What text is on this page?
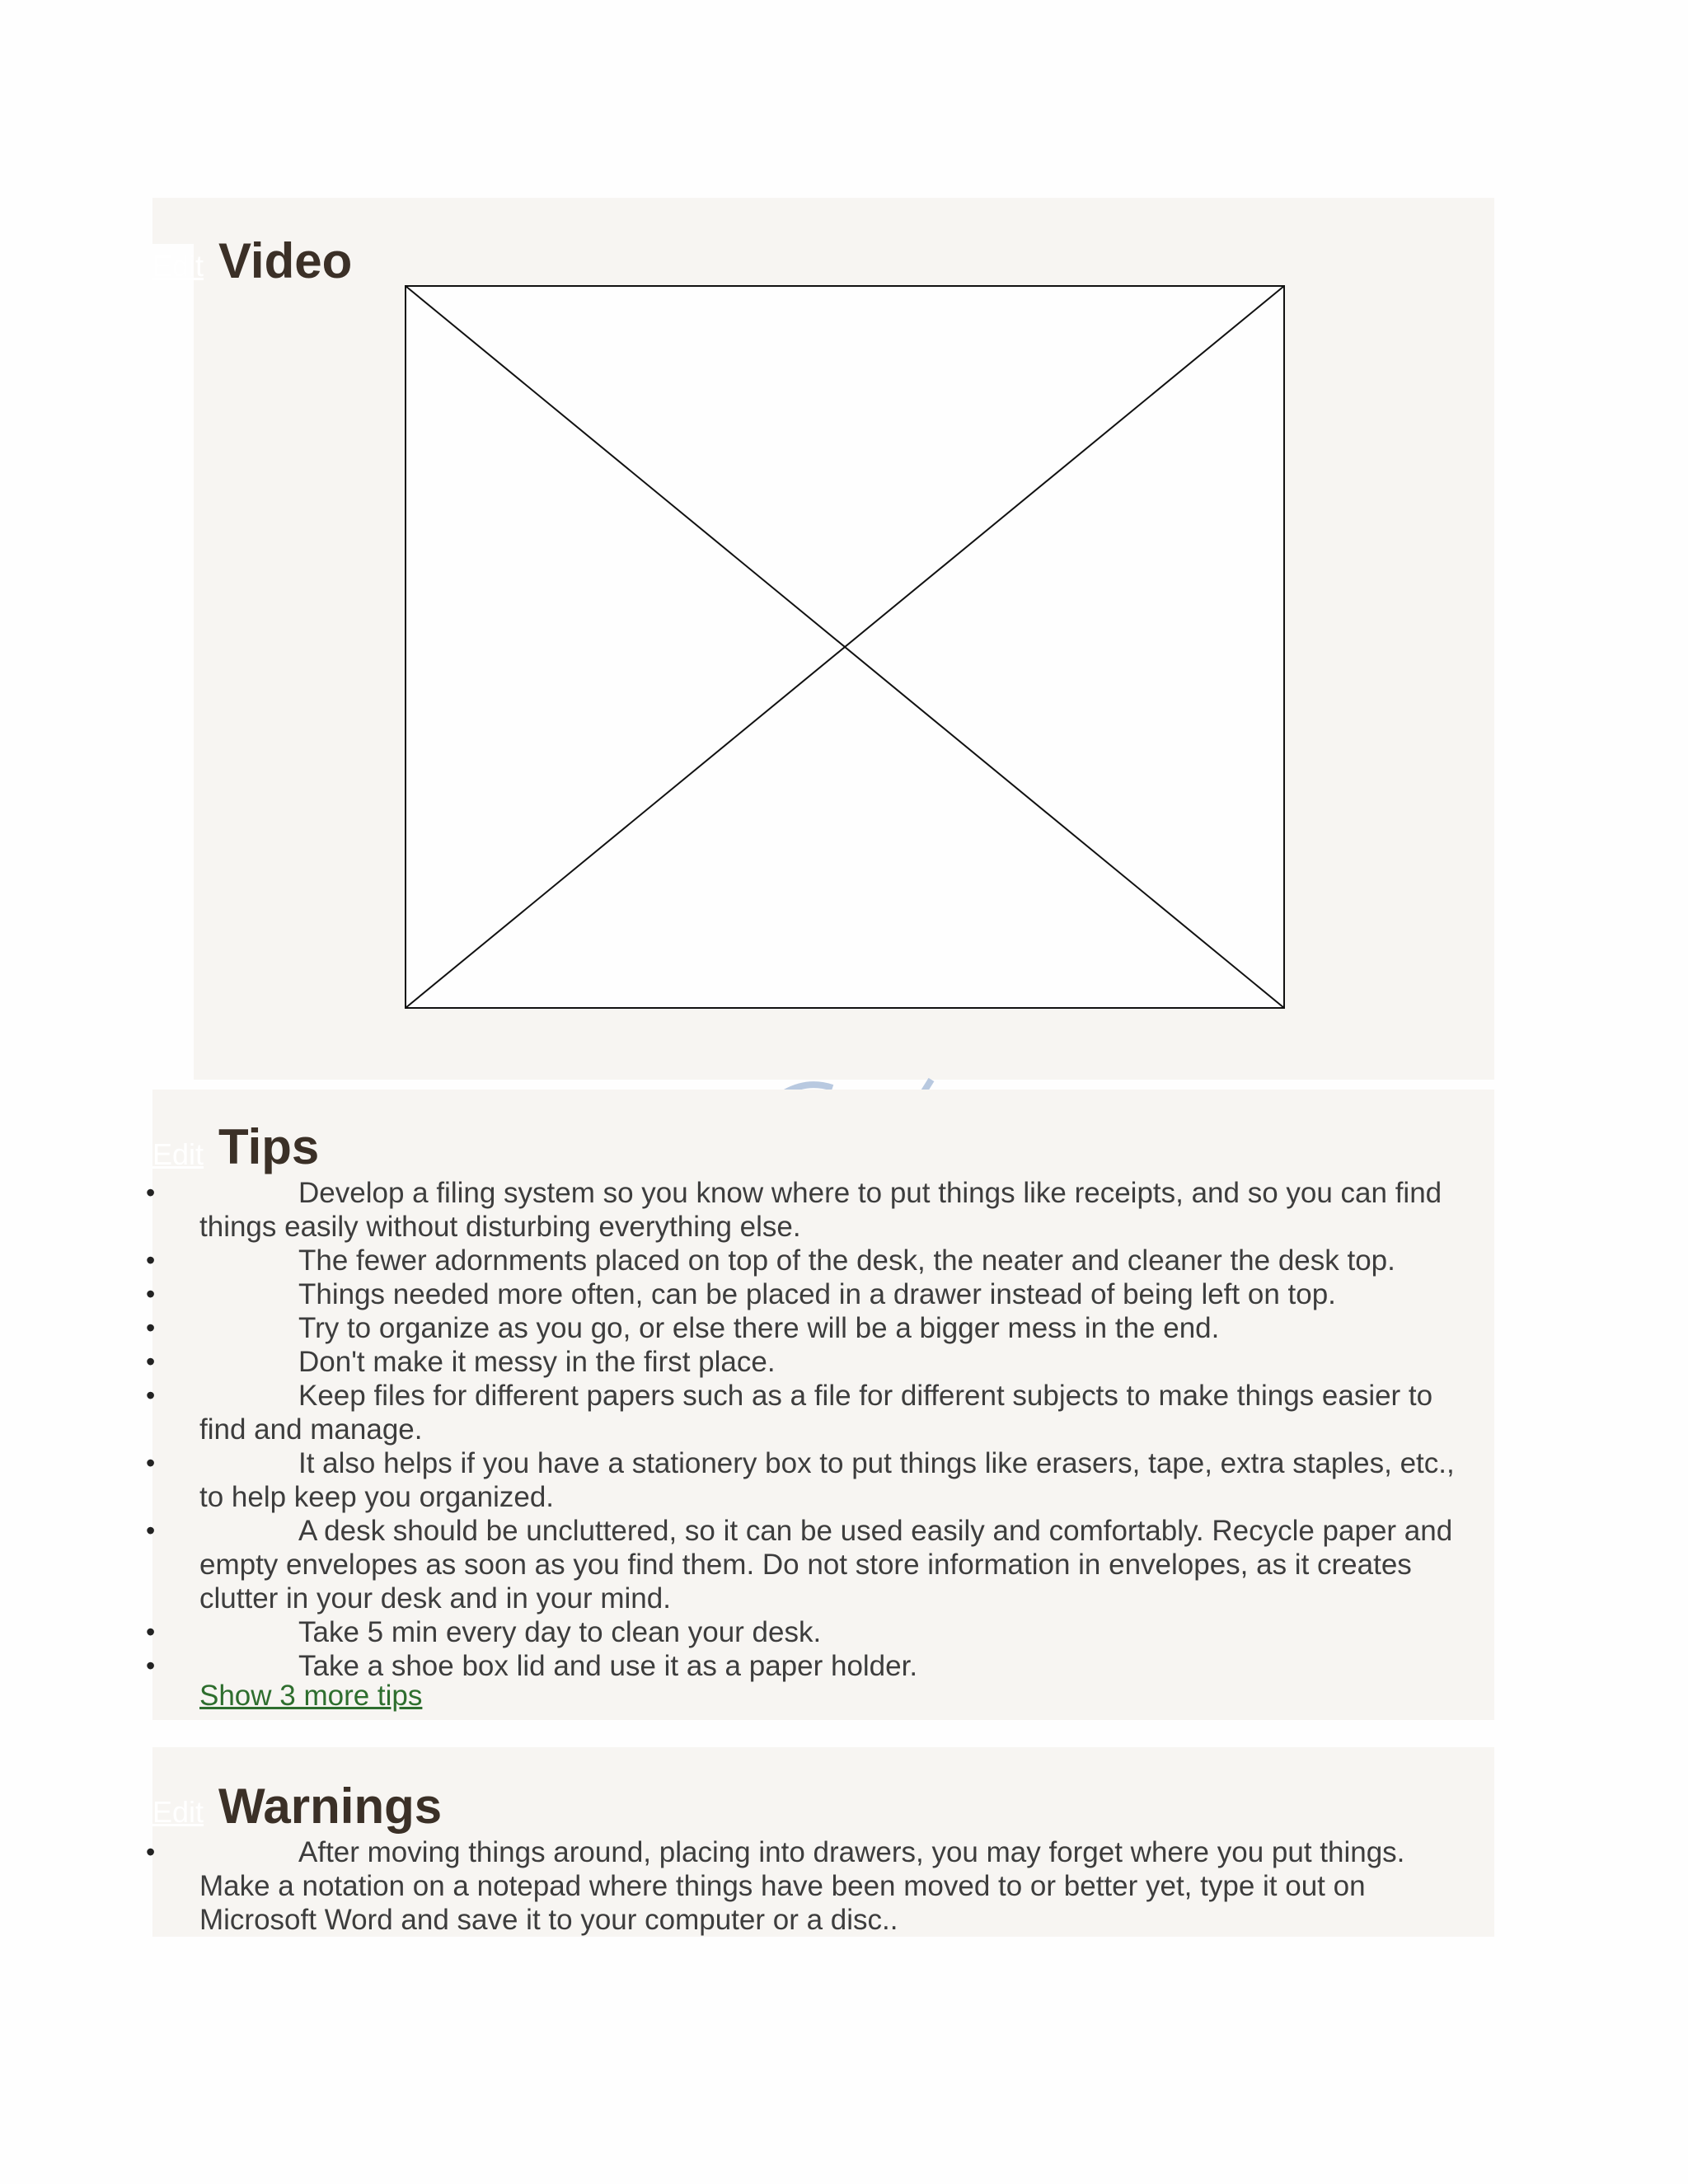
Edit Video
Edit Tips
• Develop a filing system so you know where to put things like receipts, and so you can find things easily without disturbing everything else.
• The fewer adornments placed on top of the desk, the neater and cleaner the desk top.
• Things needed more often, can be placed in a drawer instead of being left on top.
• Try to organize as you go, or else there will be a bigger mess in the end.
• Don't make it messy in the first place.
• Keep files for different papers such as a file for different subjects to make things easier to find and manage.
• It also helps if you have a stationery box to put things like erasers, tape, extra staples, etc., to help keep you organized.
• A desk should be uncluttered, so it can be used easily and comfortably. Recycle paper and empty envelopes as soon as you find them. Do not store information in envelopes, as it creates clutter in your desk and in your mind.
• Take 5 min every day to clean your desk.
• Take a shoe box lid and use it as a paper holder.
Show 3 more tips
Edit Warnings
• After moving things around, placing into drawers, you may forget where you put things. Make a notation on a notepad where things have been moved to or better yet, type it out on Microsoft Word and save it to your computer or a disc..
